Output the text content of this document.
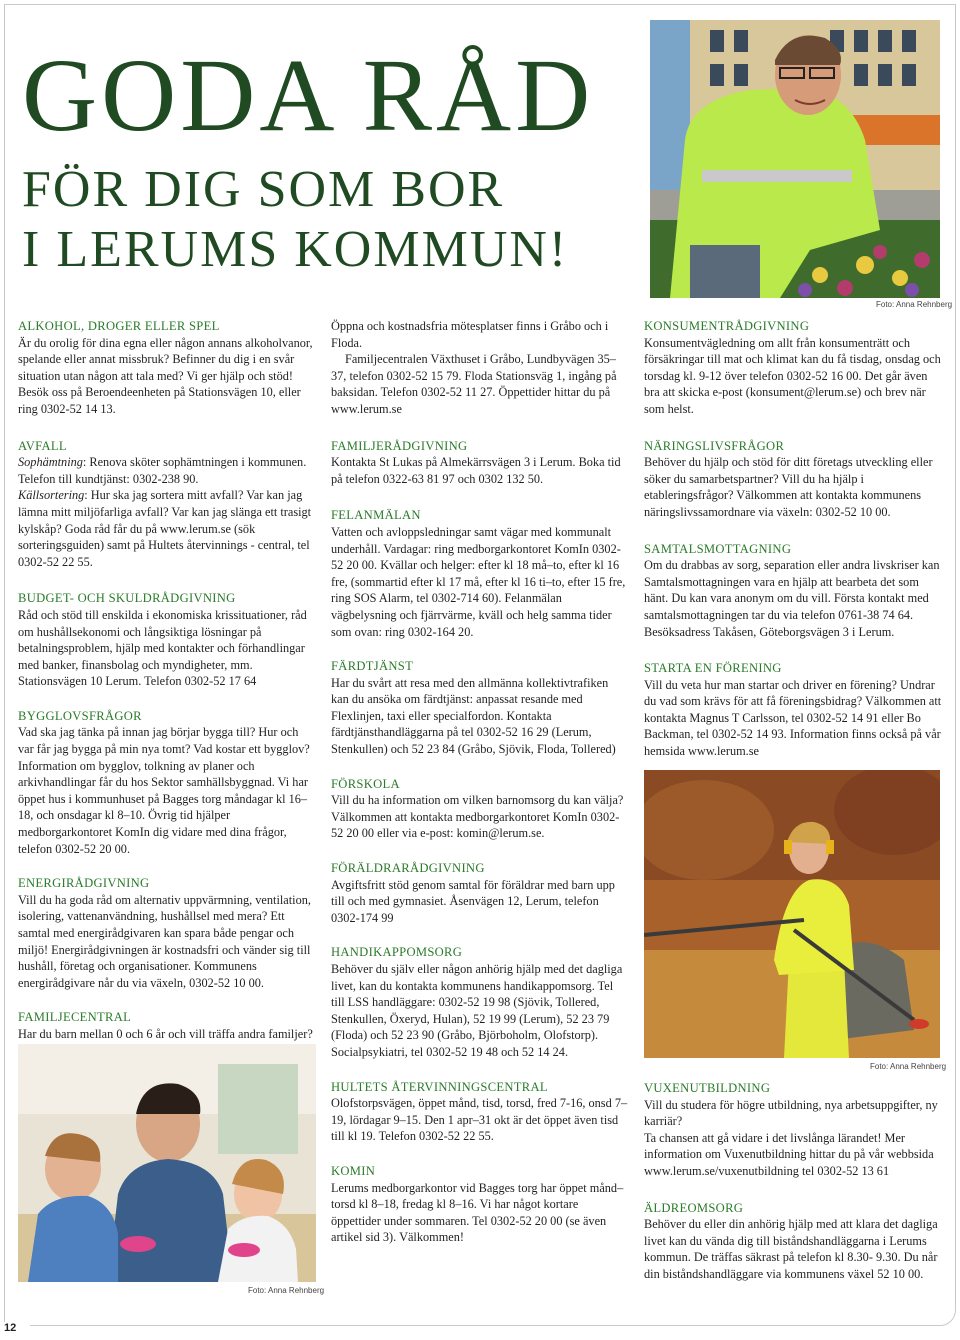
GODA RÅD
FÖR DIG SOM BOR
I LERUMS KOMMUN!
Foto: Anna Rehnberg
ALKOHOL, DROGER ELLER SPEL

Är du orolig för dina egna eller någon annans alkoholvanor, spelande eller annat missbruk? Befinner du dig i en svår situation utan någon att tala med? Vi ger hjälp och stöd! Besök oss på Beroendeenheten på Stationsvägen 10, eller ring 0302-52 14 13.

AVFALL

Sophämtning: Renova sköter sophämtningen i kommunen. Telefon till kundtjänst: 0302-238 90.

Källsortering: Hur ska jag sortera mitt avfall? Var kan jag lämna mitt miljöfarliga avfall? Var kan jag slänga ett trasigt kylskåp? Goda råd får du på www.lerum.se (sök sorteringsguiden) samt på Hultets återvinnings - central, tel 0302-52 22 55.

BUDGET- OCH SKULDRÅDGIVNING

Råd och stöd till enskilda i ekonomiska krissituationer, råd om hushållsekonomi och långsiktiga lösningar på betalningsproblem, hjälp med kontakter och förhandlingar med banker, finansbolag och myndigheter, mm. Stationsvägen 10 Lerum. Telefon 0302-52 17 64

BYGGLOVSFRÅGOR

Vad ska jag tänka på innan jag börjar bygga till? Hur och var får jag bygga på min nya tomt? Vad kostar ett bygglov? Information om bygglov, tolkning av planer och arkivhandlingar får du hos Sektor samhällsbyggnad. Vi har öppet hus i kommunhuset på Bagges torg måndagar kl 16–18, och onsdagar kl 8–10. Övrig tid hjälper medborgarkontoret KomIn dig vidare med dina frågor, telefon 0302-52 20 00.

ENERGIRÅDGIVNING

Vill du ha goda råd om alternativ uppvärmning, ventilation, isolering, vattenanvändning, hushållsel med mera? Ett samtal med energirådgivaren kan spara både pengar och miljö! Energirådgivningen är kostnadsfri och vänder sig till hushåll, företag och organisationer. Kommunens energirådgivare når du via växeln, 0302-52 10 00.

FAMILJECENTRAL

Har du barn mellan 0 och 6 år och vill träffa andra familjer?

Foto: Anna Rehnberg

Öppna och kostnadsfria mötesplatser finns i Gråbo och i Floda.

Familjecentralen Växthuset i Gråbo, Lundbyvägen 35–37, telefon 0302-52 15 79. Floda Stationsväg 1, ingång på baksidan. Telefon 0302-52 11 27. Öppettider hittar du på www.lerum.se

FAMILJERÅDGIVNING

Kontakta St Lukas på Almekärrsvägen 3 i Lerum. Boka tid på telefon 0322-63 81 97 och 0302 132 50.

FELANMÄLAN

Vatten och avloppsledningar samt vägar med kommunalt underhåll. Vardagar: ring medborgarkontoret KomIn 0302-52 20 00. Kvällar och helger: efter kl 18 må–to, efter kl 16 fre, (sommartid efter kl 17 må, efter kl 16 ti–to, efter 15 fre, ring SOS Alarm, tel 0302-714 60). Felanmälan vägbelysning och fjärrvärme, kväll och helg samma tider som ovan: ring 0302-164 20.

FÄRDTJÄNST

Har du svårt att resa med den allmänna kollektivtrafiken kan du ansöka om färdtjänst: anpassat resande med Flexlinjen, taxi eller specialfordon. Kontakta färdtjänsthandläggarna på tel 0302-52 16 29 (Lerum, Stenkullen) och 52 23 84 (Gråbo, Sjövik, Floda, Tollered)

FÖRSKOLA

Vill du ha information om vilken barnomsorg du kan välja? Välkommen att kontakta medborgarkontoret KomIn 0302-52 20 00 eller via e-post: komin@lerum.se.

FÖRÄLDRARÅDGIVNING

Avgiftsfritt stöd genom samtal för föräldrar med barn upp till och med gymnasiet. Åsenvägen 12, Lerum, telefon 0302-174 99

HANDIKAPPOMSORG

Behöver du själv eller någon anhörig hjälp med det dagliga livet, kan du kontakta kommunens handikappomsorg. Tel till LSS handläggare: 0302-52 19 98 (Sjövik, Tollered, Stenkullen, Öxeryd, Hulan), 52 19 99 (Lerum), 52 23 79 (Floda) och 52 23 90 (Gråbo, Björboholm, Olofstorp). Socialpsykiatri, tel 0302-52 19 48 och 52 14 24.

HULTETS ÅTERVINNINGSCENTRAL

Olofstorpsvägen, öppet månd, tisd, torsd, fred 7-16, onsd 7–19, lördagar 9–15. Den 1 apr–31 okt är det öppet även tisd till kl 19. Telefon 0302-52 22 55.

KOMIN

Lerums medborgarkontor vid Bagges torg har öppet månd–torsd kl 8–18, fredag kl 8–16. Vi har något kortare öppettider under sommaren. Tel 0302-52 20 00 (se även artikel sid 3). Välkommen!

KONSUMENTRÅDGIVNING

Konsumentvägledning om allt från konsumenträtt och försäkringar till mat och klimat kan du få tisdag, onsdag och torsdag kl. 9-12 över telefon 0302-52 16 00. Det går även bra att skicka e-post (konsument@lerum.se) och brev när som helst.

NÄRINGSLIVSFRÅGOR

Behöver du hjälp och stöd för ditt företags utveckling eller söker du samarbetspartner? Vill du ha hjälp i etableringsfrågor? Välkommen att kontakta kommunens näringslivssamordnare via växeln: 0302-52 10 00.

SAMTALSMOTTAGNING

Om du drabbas av sorg, separation eller andra livskriser kan Samtalsmottagningen vara en hjälp att bearbeta det som hänt. Du kan vara anonym om du vill. Första kontakt med samtalsmottagningen tar du via telefon 0761-38 74 64. Besöksadress Takåsen, Göteborgsvägen 3 i Lerum.

STARTA EN FÖRENING

Vill du veta hur man startar och driver en förening? Undrar du vad som krävs för att få föreningsbidrag? Välkommen att kontakta Magnus T Carlsson, tel 0302-52 14 91 eller Bo Backman, tel 0302-52 14 93. Information finns också på vår hemsida www.lerum.se

Foto: Anna Rehnberg
VUXENUTBILDNING

Vill du studera för högre utbildning, nya arbetsuppgifter, ny karriär?

Ta chansen att gå vidare i det livslånga lärandet! Mer information om Vuxenutbildning hittar du på vår webbsida www.lerum.se/vuxenutbildning tel 0302-52 13 61

ÄLDREOMSORG

Behöver du eller din anhörig hjälp med att klara det dagliga livet kan du vända dig till biståndshandläggarna i Lerums kommun. De träffas säkrast på telefon kl 8.30- 9.30. Du når din biståndshandläggare via kommunens växel 52 10 00.

12
